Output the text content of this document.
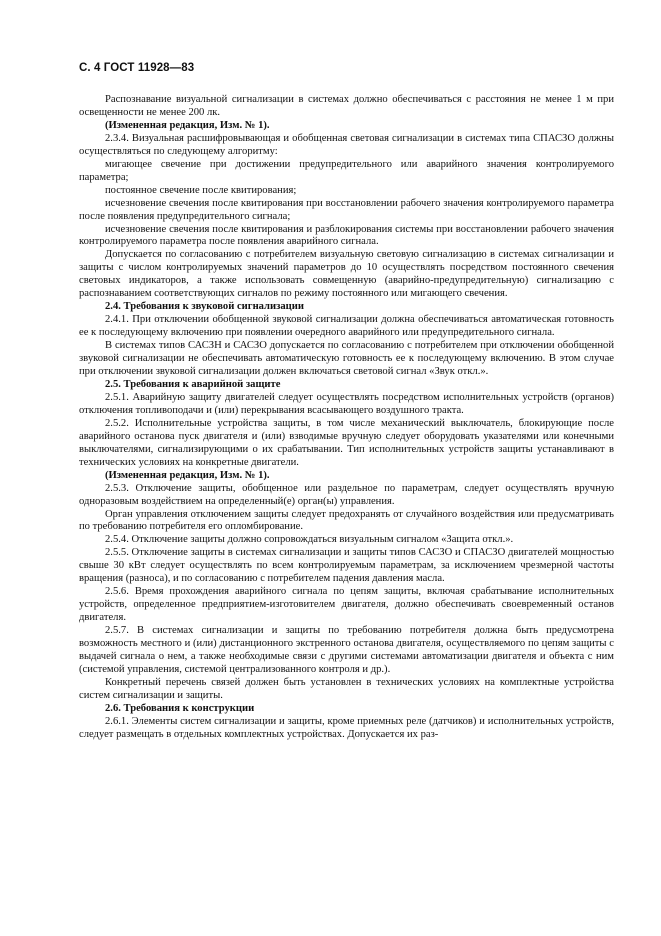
С. 4 ГОСТ 11928—83

Распознавание визуальной сигнализации в системах должно обеспечиваться с расстояния не менее 1 м при освещенности не менее 200 лк.

(Измененная редакция, Изм. № 1).

2.3.4. Визуальная расшифровывающая и обобщенная световая сигнализации в системах типа СПАСЗО должны осуществляться по следующему алгоритму:

мигающее свечение при достижении предупредительного или аварийного значения контролируемого параметра;

постоянное свечение после квитирования;

исчезновение свечения после квитирования при восстановлении рабочего значения контролируемого параметра после появления предупредительного сигнала;

исчезновение свечения после квитирования и разблокирования системы при восстановлении рабочего значения контролируемого параметра после появления аварийного сигнала.

Допускается по согласованию с потребителем визуальную световую сигнализацию в системах сигнализации и защиты с числом контролируемых значений параметров до 10 осуществлять посредством постоянного свечения световых индикаторов, а также использовать совмещенную (аварийно-предупредительную) сигнализацию с распознаванием соответствующих сигналов по режиму постоянного или мигающего свечения.

2.4. Требования к звуковой сигнализации

2.4.1. При отключении обобщенной звуковой сигнализации должна обеспечиваться автоматическая готовность ее к последующему включению при появлении очередного аварийного или предупредительного сигнала.

В системах типов САСЗН и САСЗО допускается по согласованию с потребителем при отключении обобщенной звуковой сигнализации не обеспечивать автоматическую готовность ее к последующему включению. В этом случае при отключении звуковой сигнализации должен включаться световой сигнал «Звук откл.».

2.5. Требования к аварийной защите

2.5.1. Аварийную защиту двигателей следует осуществлять посредством исполнительных устройств (органов) отключения топливоподачи и (или) перекрывания всасывающего воздушного тракта.

2.5.2. Исполнительные устройства защиты, в том числе механический выключатель, блокирующие после аварийного останова пуск двигателя и (или) взводимые вручную следует оборудовать указателями или конечными выключателями, сигнализирующими о их срабатывании. Тип исполнительных устройств защиты устанавливают в технических условиях на конкретные двигатели.

(Измененная редакция, Изм. № 1).

2.5.3. Отключение защиты, обобщенное или раздельное по параметрам, следует осуществлять вручную одноразовым воздействием на определенный(е) орган(ы) управления.

Орган управления отключением защиты следует предохранять от случайного воздействия или предусматривать по требованию потребителя его опломбирование.

2.5.4. Отключение защиты должно сопровождаться визуальным сигналом «Защита откл.».

2.5.5. Отключение защиты в системах сигнализации и защиты типов САСЗО и СПАСЗО двигателей мощностью свыше 30 кВт следует осуществлять по всем контролируемым параметрам, за исключением чрезмерной частоты вращения (разноса), и по согласованию с потребителем падения давления масла.

2.5.6. Время прохождения аварийного сигнала по цепям защиты, включая срабатывание исполнительных устройств, определенное предприятием-изготовителем двигателя, должно обеспечивать своевременный останов двигателя.

2.5.7. В системах сигнализации и защиты по требованию потребителя должна быть предусмотрена возможность местного и (или) дистанционного экстренного останова двигателя, осуществляемого по цепям защиты с выдачей сигнала о нем, а также необходимые связи с другими системами автоматизации двигателя и объекта с ним (системой управления, системой централизованного контроля и др.).

Конкретный перечень связей должен быть установлен в технических условиях на комплектные устройства систем сигнализации и защиты.

2.6. Требования к конструкции

2.6.1. Элементы систем сигнализации и защиты, кроме приемных реле (датчиков) и исполнительных устройств, следует размещать в отдельных комплектных устройствах. Допускается их раз-
